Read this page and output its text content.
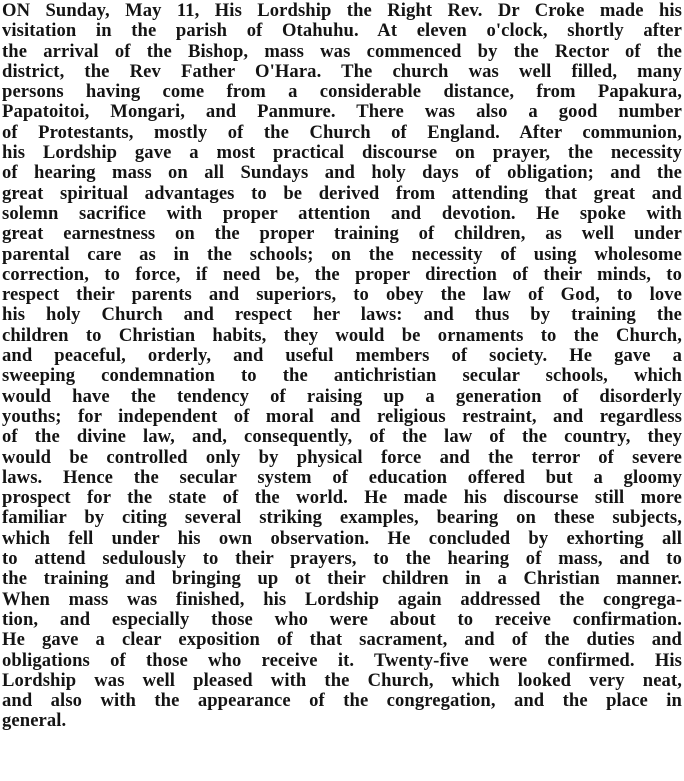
ON Sunday, May 11, His Lordship the Right Rev. Dr Croke made his
visitation in the parish of Otahuhu. At eleven o'clock, shortly after
the arrival of the Bishop, mass was commenced by the Rector of the
district, the Rev Father O'Hara. The church was well filled, many
persons having come from a considerable distance, from Papakura,
Papatoitoi, Mongari, and Panmure. There was also a good number
of Protestants, mostly of the Church of England. After communion,
his Lordship gave a most practical discourse on prayer, the necessity
of hearing mass on all Sundays and holy days of obligation; and the
great spiritual advantages to be derived from attending that great and
solemn sacrifice with proper attention and devotion. He spoke with
great earnestness on the proper training of children, as well under
parental care as in the schools; on the necessity of using wholesome
correction, to force, if need be, the proper direction of their minds, to
respect their parents and superiors, to obey the law of God, to love
his holy Church and respect her laws: and thus by training the
children to Christian habits, they would be ornaments to the Church,
and peaceful, orderly, and useful members of society. He gave a
sweeping condemnation to the antichristian secular schools, which
would have the tendency of raising up a generation of disorderly
youths; for independent of moral and religious restraint, and regardless
of the divine law, and, consequently, of the law of the country, they
would be controlled only by physical force and the terror of severe
laws. Hence the secular system of education offered but a gloomy
prospect for the state of the world. He made his discourse still more
familiar by citing several striking examples, bearing on these subjects,
which fell under his own observation. He concluded by exhorting all
to attend sedulously to their prayers, to the hearing of mass, and to
the training and bringing up ot their children in a Christian manner.
When mass was finished, his Lordship again addressed the congrega-
tion, and especially those who were about to receive confirmation.
He gave a clear exposition of that sacrament, and of the duties and
obligations of those who receive it. Twenty-five were confirmed. His
Lordship was well pleased with the Church, which looked very neat,
and also with the appearance of the congregation, and the place in
general.
